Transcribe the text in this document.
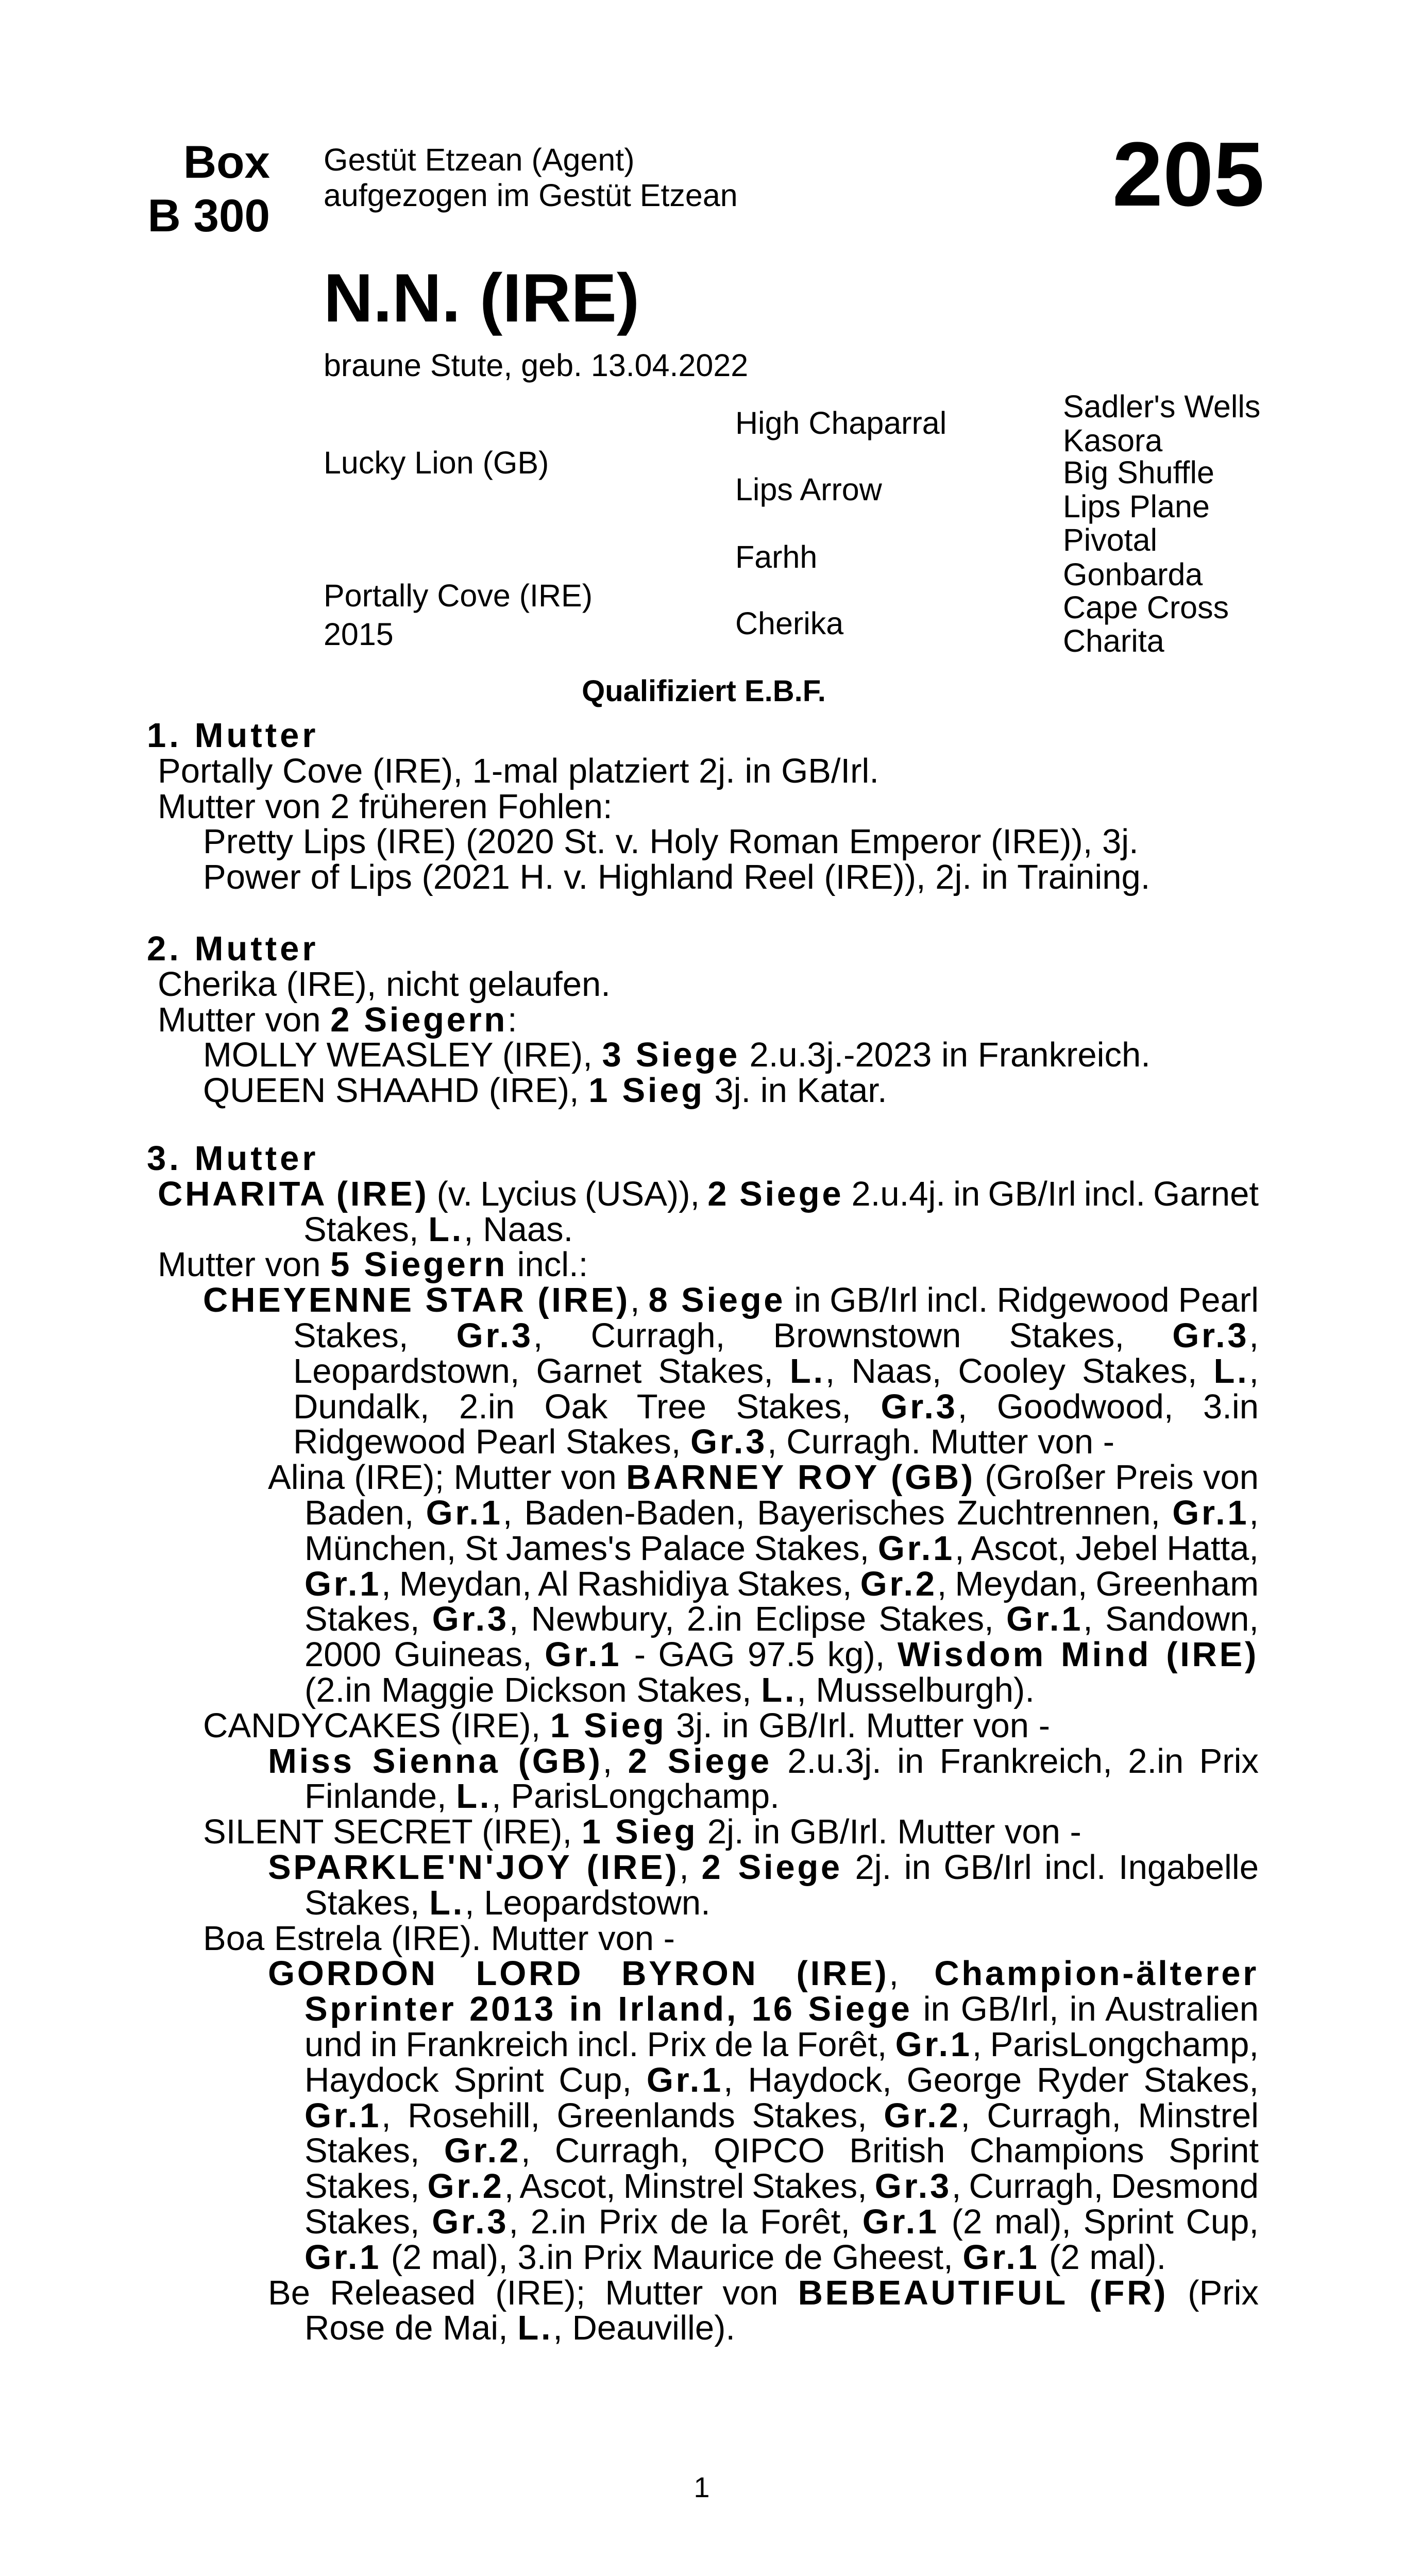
Box
B 300
Gestüt Etzean (Agent)
aufgezogen im Gestüt Etzean	205
N.N. (IRE)
braune Stute, geb. 13.04.2022
Lucky Lion (GB)
Portally Cove (IRE)
2015
High Chaparral
Lips Arrow
Farhh
Cherika
Sadler's Wells
Kasora
Big Shuffle
Lips Plane
Pivotal
Gonbarda
Cape Cross
Charita
Qualifiziert E.B.F.
1. Mutter
Portally Cove (IRE), 1-mal platziert 2j. in GB/Irl.
Mutter von 2 früheren Fohlen:
Pretty Lips (IRE) (2020 St. v. Holy Roman Emperor (IRE)), 3j.
Power of Lips (2021 H. v. Highland Reel (IRE)), 2j. in Training.
2. Mutter
Cherika (IRE), nicht gelaufen.
Mutter von 2 Siegern:
MOLLY WEASLEY (IRE), 3 Siege 2.u.3j.-2023 in Frankreich.
QUEEN SHAAHD (IRE), 1 Sieg 3j. in Katar.
3. Mutter
CHARITA (IRE) (v. Lycius (USA)), 2 Siege 2.u.4j. in GB/Irl incl. Garnet
Stakes, L., Naas.
Mutter von 5 Siegern incl.:
CHEYENNE STAR (IRE), 8 Siege in GB/Irl incl. Ridgewood Pearl
Stakes, Gr.3, Curragh, Brownstown Stakes, Gr.3,
Leopardstown, Garnet Stakes, L., Naas, Cooley Stakes, L.,
Dundalk, 2.in Oak Tree Stakes, Gr.3, Goodwood, 3.in
Ridgewood Pearl Stakes, Gr.3, Curragh. Mutter von -
Alina (IRE); Mutter von BARNEY ROY (GB) (Großer Preis von
Baden, Gr.1, Baden-Baden, Bayerisches Zuchtrennen, Gr.1,
München, St James's Palace Stakes, Gr.1, Ascot, Jebel Hatta,
Gr.1, Meydan, Al Rashidiya Stakes, Gr.2, Meydan, Greenham
Stakes, Gr.3, Newbury, 2.in Eclipse Stakes, Gr.1, Sandown,
2000 Guineas, Gr.1 - GAG 97.5 kg), Wisdom Mind (IRE)
(2.in Maggie Dickson Stakes, L., Musselburgh).
CANDYCAKES (IRE), 1 Sieg 3j. in GB/Irl. Mutter von -
Miss Sienna (GB), 2 Siege 2.u.3j. in Frankreich, 2.in Prix
Finlande, L., ParisLongchamp.
SILENT SECRET (IRE), 1 Sieg 2j. in GB/Irl. Mutter von -
SPARKLE'N'JOY (IRE), 2 Siege 2j. in GB/Irl incl. Ingabelle
Stakes, L., Leopardstown.
Boa Estrela (IRE). Mutter von -
GORDON LORD BYRON (IRE), Champion-älterer
Sprinter 2013 in Irland, 16 Siege in GB/Irl, in Australien
und in Frankreich incl. Prix de la Forêt, Gr.1, ParisLongchamp,
Haydock Sprint Cup, Gr.1, Haydock, George Ryder Stakes,
Gr.1, Rosehill, Greenlands Stakes, Gr.2, Curragh, Minstrel
Stakes, Gr.2, Curragh, QIPCO British Champions Sprint
Stakes, Gr.2, Ascot, Minstrel Stakes, Gr.3, Curragh, Desmond
Stakes, Gr.3, 2.in Prix de la Forêt, Gr.1 (2 mal), Sprint Cup,
Gr.1 (2 mal), 3.in Prix Maurice de Gheest, Gr.1 (2 mal).
Be Released (IRE); Mutter von BEBEAUTIFUL (FR) (Prix
Rose de Mai, L., Deauville).
1
